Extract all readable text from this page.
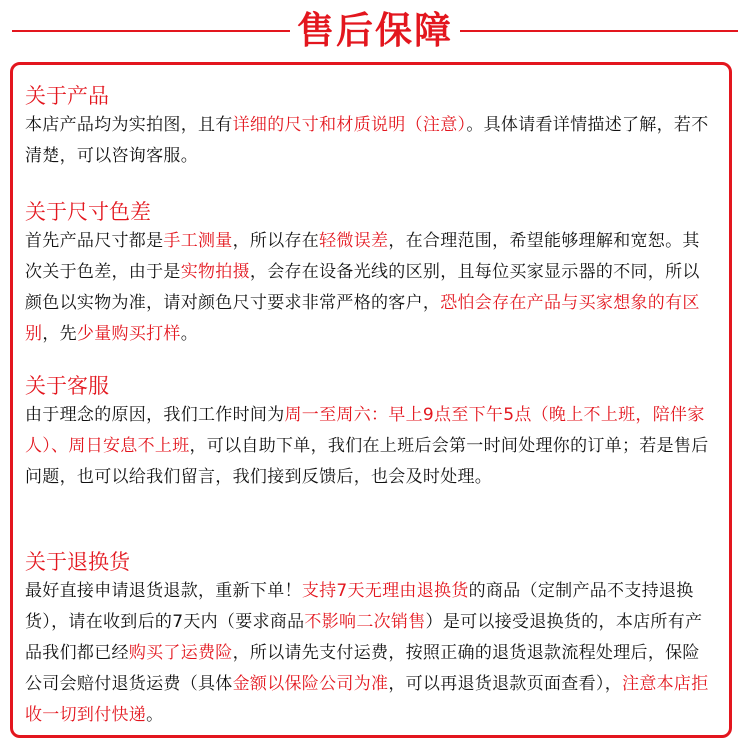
售后保障
关于产品
本店产品均为实拍图，且有详细的尺寸和材质说明（注意）。具体请看详情描述了解，若不清楚，可以咨询客服。
关于尺寸色差
首先产品尺寸都是手工测量，所以存在轻微误差，在合理范围，希望能够理解和宽恕。其次关于色差，由于是实物拍摄，会存在设备光线的区别，且每位买家显示器的不同，所以颜色以实物为准，请对颜色尺寸要求非常严格的客户，恐怕会存在产品与买家想象的有区别，先少量购买打样。
关于客服
由于理念的原因，我们工作时间为周一至周六：早上9点至下午5点（晚上不上班，陪伴家人）、周日安息不上班，可以自助下单，我们在上班后会第一时间处理你的订单；若是售后问题，也可以给我们留言，我们接到反馈后，也会及时处理。
关于退换货
最好直接申请退货退款，重新下单！支持7天无理由退换货的商品（定制产品不支持退换货），请在收到后的7天内（要求商品不影响二次销售）是可以接受退换货的，本店所有产品我们都已经购买了运费险，所以请先支付运费，按照正确的退货退款流程处理后，保险公司会赔付退货运费（具体金额以保险公司为准，可以再退货退款页面查看），注意本店拒收一切到付快递。
